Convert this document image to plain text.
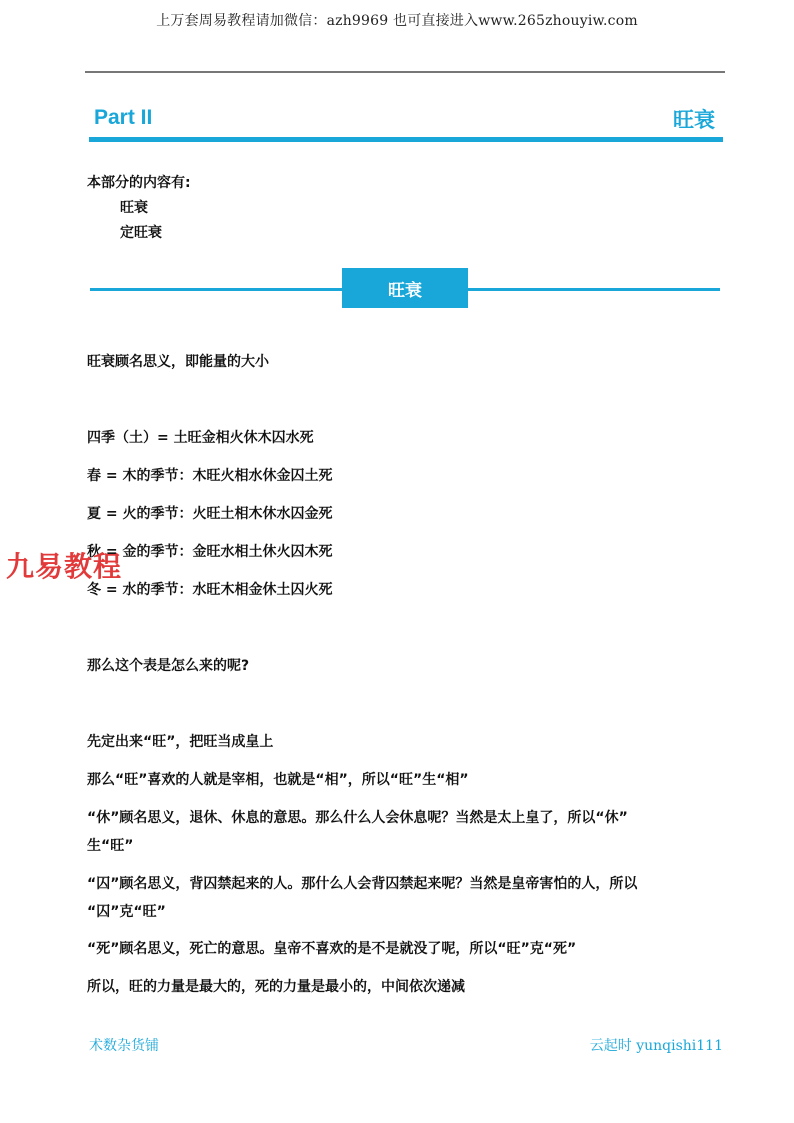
上万套周易教程请加微信：azh9969 也可直接进入www.265zhouyiw.com
Part II	旺衰
本部分的内容有:
旺衰
定旺衰
旺衰
旺衰顾名思义，即能量的大小
四季（土）= 土旺金相火休木囚水死
春 = 木的季节：木旺火相水休金囚土死
夏 = 火的季节：火旺土相木休水囚金死
秋 = 金的季节：金旺水相土休火囚木死
冬 = 水的季节：水旺木相金休土囚火死
那么这个表是怎么来的呢?
先定出来“旺”，把旺当成皇上
那么“旺”喜欢的人就是宰相，也就是“相”，所以“旺”生“相”
“休”顾名思义，退休、休息的意思。那么什么人会休息呢？当然是太上皇了，所以“休”
生“旺”
“囚”顾名思义，背囚禁起来的人。那什么人会背囚禁起来呢？当然是皇帝害怕的人，所以
“囚”克“旺”
“死”顾名思义，死亡的意思。皇帝不喜欢的是不是就没了呢，所以“旺”克“死”
所以，旺的力量是最大的，死的力量是最小的，中间依次递减
九易教程
术数杂货铺	云起时 yunqishi111
